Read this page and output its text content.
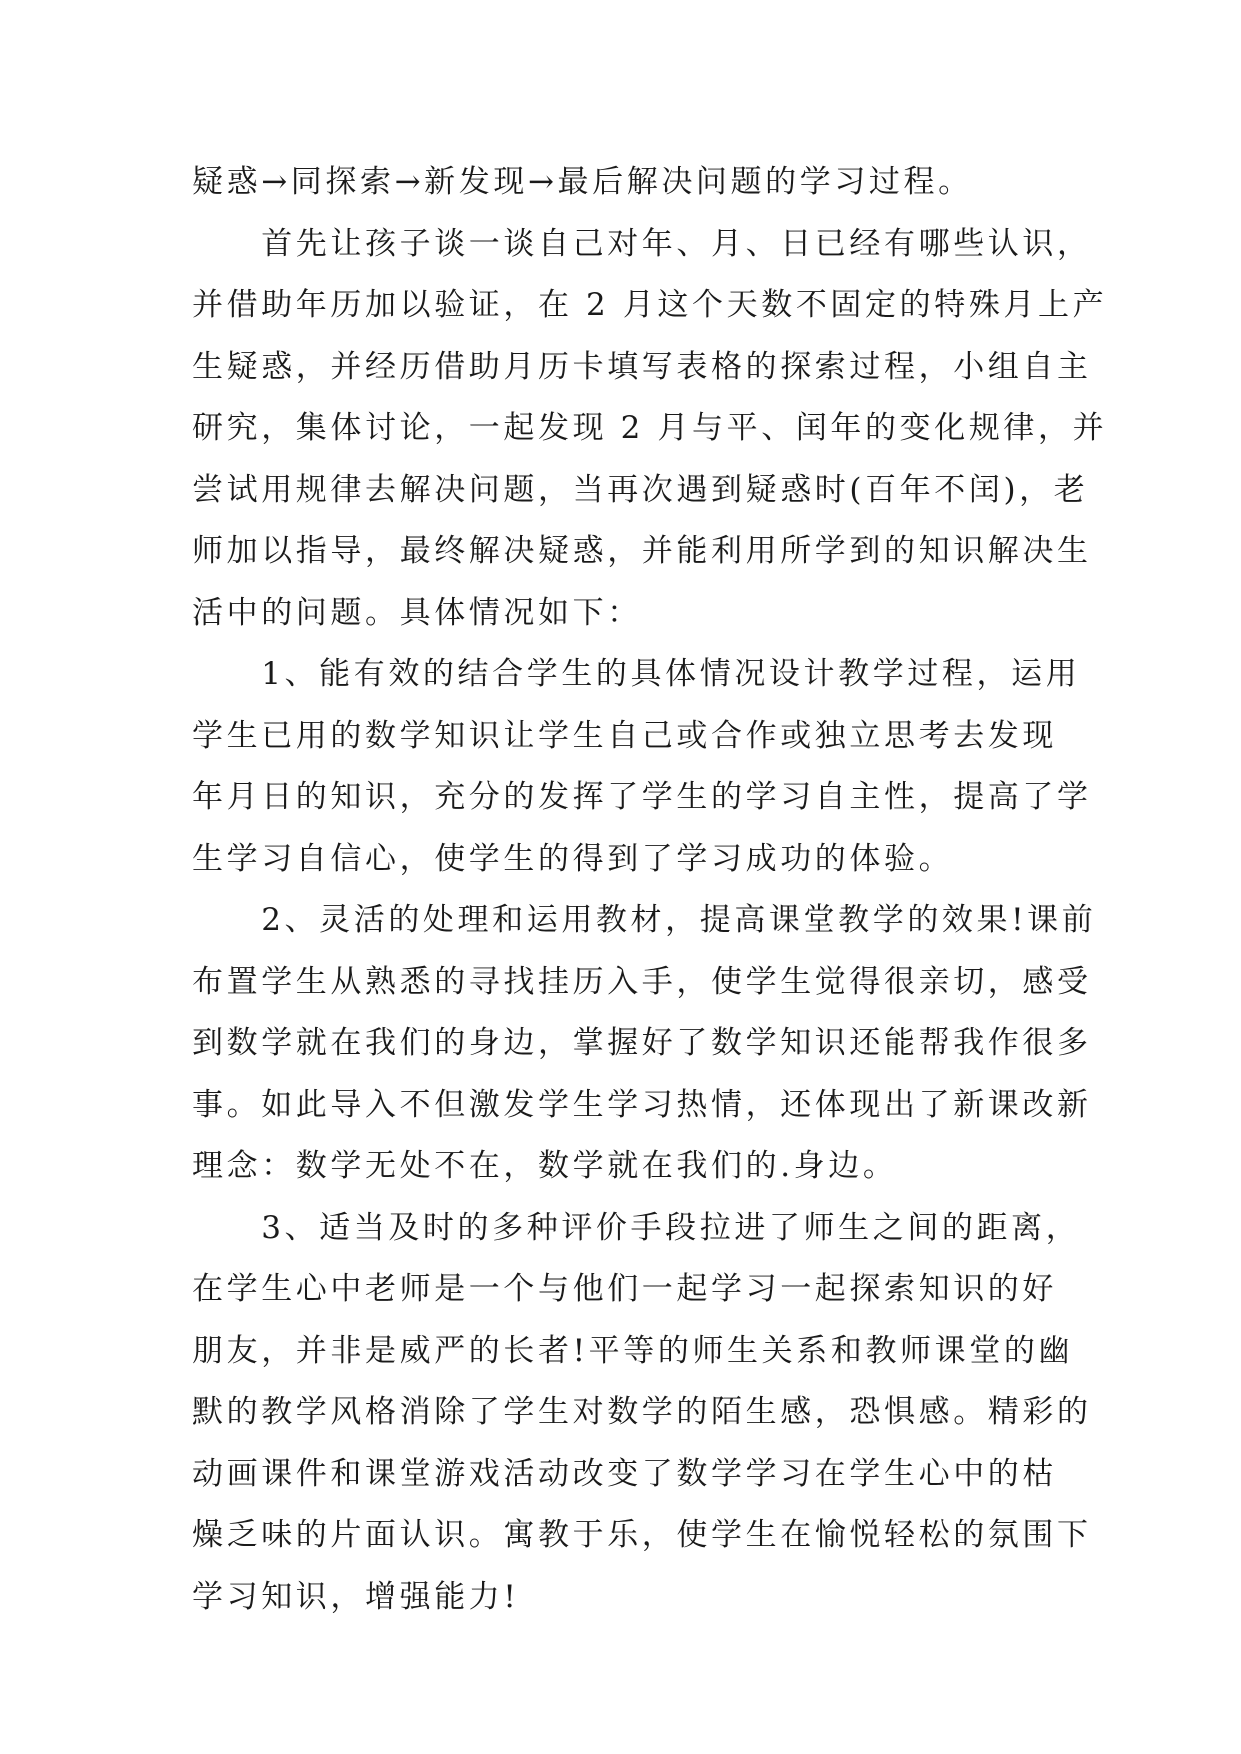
疑惑→同探索→新发现→最后解决问题的学习过程。
　　首先让孩子谈一谈自己对年、月、日已经有哪些认识，
并借助年历加以验证，在 2 月这个天数不固定的特殊月上产
生疑惑，并经历借助月历卡填写表格的探索过程，小组自主
研究，集体讨论，一起发现 2 月与平、闰年的变化规律，并
尝试用规律去解决问题，当再次遇到疑惑时(百年不闰)，老
师加以指导，最终解决疑惑，并能利用所学到的知识解决生
活中的问题。具体情况如下：
　　1、能有效的结合学生的具体情况设计教学过程，运用
学生已用的数学知识让学生自己或合作或独立思考去发现
年月日的知识，充分的发挥了学生的学习自主性，提高了学
生学习自信心，使学生的得到了学习成功的体验。
　　2、灵活的处理和运用教材，提高课堂教学的效果!课前
布置学生从熟悉的寻找挂历入手，使学生觉得很亲切，感受
到数学就在我们的身边，掌握好了数学知识还能帮我作很多
事。如此导入不但激发学生学习热情，还体现出了新课改新
理念：数学无处不在，数学就在我们的.身边。
　　3、适当及时的多种评价手段拉进了师生之间的距离，
在学生心中老师是一个与他们一起学习一起探索知识的好
朋友，并非是威严的长者!平等的师生关系和教师课堂的幽
默的教学风格消除了学生对数学的陌生感，恐惧感。精彩的
动画课件和课堂游戏活动改变了数学学习在学生心中的枯
燥乏味的片面认识。寓教于乐，使学生在愉悦轻松的氛围下
学习知识，增强能力!
